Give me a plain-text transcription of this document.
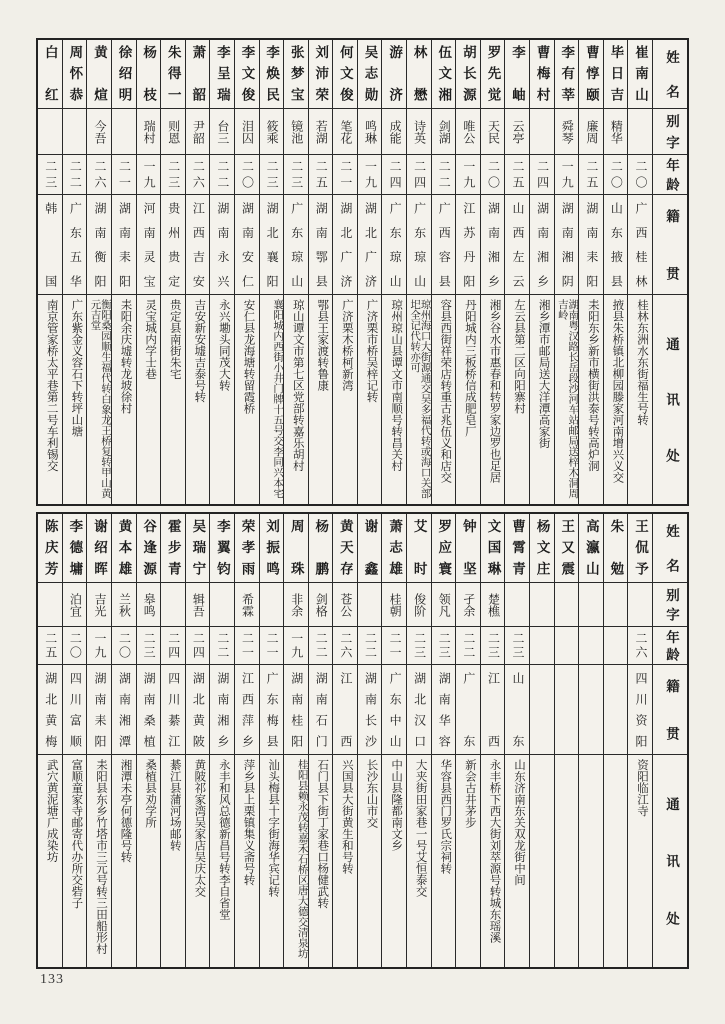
姓名
别字
年龄
籍贯
通讯处
崔南山
二〇
广西桂林
桂林东洲水东街福生号转
毕日吉
精华
二〇
山东掖县
掖县朱桥镇北柳园滕家河南增兴义交
曹惇颐
廉周
二五
湖南耒阳
耒阳东乡新市横街洪泰号转高炉洞
李有莘
舜琴
一九
湖南湘阴
湖南粤汉路长岳段沙河车站邮局送梓木洞周吉岭
曹梅村
二四
湖南湘乡
湘乡潭市邮局送大洋潭高家街
李岫
云亭
二五
山西左云
左云县第二区向阳寨村
罗先觉
天民
二〇
湖南湘乡
湘乡谷水市惠春和转罗家边罗也足居
胡长源
唯公
一九
江苏丹阳
丹阳城内三板桥信成肥皂厂
伍文湘
剑湖
二二
广西容县
容县西街祥荣店转重古兆伍义和店交
林懋
诗英
二四
广东琼山
琼州海口大街源通交吴多福代转或海口关部圯全记代转亦可
游济
成能
二四
广东琼山
琼州琼山县谭文市南顺号转昌关村
吴志勋
鸣琳
一九
湖北广济
广济栗市桥吴梓记转
何文俊
笔花
二一
湖北广济
广济栗木桥柯新湾
刘沛荣
若湖
二五
湖南鄂县
鄂县王家渡转鲁康
张梦宝
镜池
二三
广东琼山
琼山谭文市第七区党部转嘉乐胡村
李焕民
筱乘
二三
湖北襄阳
襄阳城内西街小井门牌十五号交李同兴本宅
李文俊
泪囚
二〇
湖南安仁
安仁县龙海塘转留霞桥
李呈瑞
台三
二二
湖南永兴
永兴墈头同茂大转
萧韶
尹韶
二六
江西吉安
吉安新安墟吉泰号转
朱得一
则恩
二三
贵州贵定
贵定县南街朱宅
杨枝
瑞村
一九
河南灵宝
灵宝城内学士巷
徐绍明
二一
湖南耒阳
耒阳余庆墟转龙坡徐村
黄煊
今吾
二六
湖南衡阳
衡阳桑园顺生福代转白象龙王桥复转甲山黄元吉堂
周怀恭
二二
广东五华
广东紫金义容石下转坪山塘
白红
二三
韩国
南京管家桥太平巷第二号车利锡交
姓名
别字
年龄
籍贯
通讯处
王侃予
二六
四川资阳
资阳临江寺
朱勉
高瀛山
王又震
杨文庄
曹霄青
二三
山东
山东济南东关双龙街中间
文国琳
楚樵
二三
江西
永丰桥下西大街刘萃源号转城东瑶溪
钟坚
孑余
二二
广东
新会古井茅步
罗应寰
领凡
二三
湖南华容
华容县西门罗氏宗祠转
艾时
俊阶
二三
湖北汉口
大夹街田家巷一号艾恒泰交
萧志雄
桂朝
二一
广东中山
中山县隆都南文乡
谢鑫
二二
湖南长沙
长沙东山市交
黄天存
苍公
二六
江西
兴国县大街黄生和号转
杨鹏
剑格
二二
湖南石门
石门县下街丁家巷口杨健武转
周珠
非余
一九
湖南桂阳
桂阳县赖永茂转嘉禾石桥区唐大德交清泉坊
刘振鸣
二一
广东梅县
汕头梅县十字街海华宾记转
荣孝雨
希霖
二一
江西萍乡
萍乡县上栗镇集义斋号转
李翼钧
二二
湖南湘乡
永丰和风总德新昌号转李自省堂
吴瑞宁
辑吾
二四
湖北黄陂
黄陂祁家湾吴家店吴庆太交
霍步青
二四
四川綦江
綦江县蒲河场邮转
谷逢源
皋鸣
二三
湖南桑植
桑植县劝学所
黄本雄
兰秋
二〇
湖南湘潭
湘潭未亭何德隆号转
谢绍晖
吉光
一九
湖南耒阳
耒阳县东乡竹塔市三元号转三田船形村
李德墉
泊宜
二〇
四川富顺
富顺童家寺邮寄代办所交砦子
陈庆芳
二五
湖北黄梅
武穴黄泥塘广成染坊
133
